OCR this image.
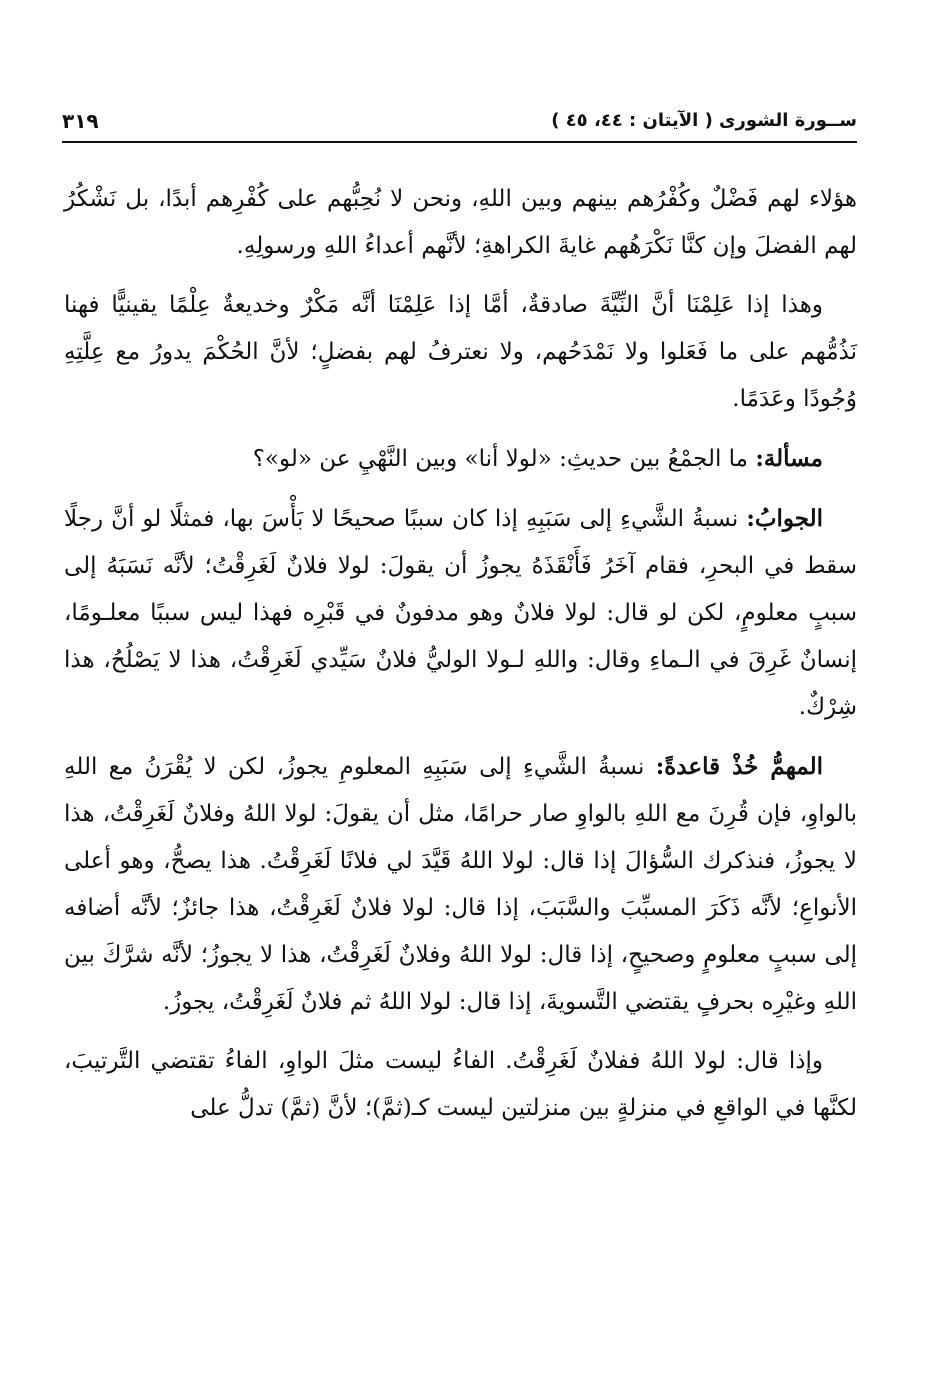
ســورة الشورى ( الآيتان : ٤٤، ٤٥ )
٣١٩

هؤلاء لهم فَضْلٌ وكُفْرُهم بينهم وبين اللهِ، ونحن لا نُحِبُّهم على كُفْرِهم أبدًا، بل نَشْكُرُ لهم الفضلَ وإن كنَّا نَكْرَهُهم غايةَ الكراهةِ؛ لأنَّهم أعداءُ اللهِ ورسولِهِ.

وهذا إذا عَلِمْنَا أنَّ النِّيَّةَ صادقةٌ، أمَّا إذا عَلِمْنَا أنَّه مَكْرٌ وخديعةٌ عِلْمًا يقينيًّا فهنا نَذُمُّهم على ما فَعَلوا ولا نَمْدَحُهم، ولا نعترفُ لهم بفضلٍ؛ لأنَّ الحُكْمَ يدورُ مع عِلَّتِهِ وُجُودًا وعَدَمًا.

مسألة: ما الجمْعُ بين حديثِ: «لولا أنا» وبين النَّهْيِ عن «لو»؟

الجوابُ: نسبةُ الشَّيءِ إلى سَبَبِهِ إذا كان سببًا صحيحًا لا بَأْسَ بها، فمثلًا لو أنَّ رجلًا سقط في البحرِ، فقام آخَرُ فَأَنْقَذَهُ يجوزُ أن يقولَ: لولا فلانٌ لَغَرِقْتُ؛ لأنَّه نَسَبَهُ إلى سببٍ معلومٍ، لكن لو قال: لولا فلانٌ وهو مدفونٌ في قَبْرِه فهذا ليس سببًا معلـومًا، إنسانٌ غَرِقَ في الـماءِ وقال: واللهِ لـولا الوليُّ فلانٌ سَيِّدي لَغَرِقْتُ، هذا لا يَصْلُحُ، هذا شِرْكٌ.

المهمُّ خُذْ قاعدةً: نسبةُ الشَّيءِ إلى سَبَبِهِ المعلومِ يجوزُ، لكن لا يُقْرَنُ مع اللهِ بالواوِ، فإن قُرِنَ مع اللهِ بالواوِ صار حرامًا، مثل أن يقولَ: لولا اللهُ وفلانٌ لَغَرِقْتُ، هذا لا يجوزُ، فنذكرك السُّؤالَ إذا قال: لولا اللهُ قَيَّدَ لي فلانًا لَغَرِقْتُ. هذا يصحُّ، وهو أعلى الأنواعِ؛ لأنَّه ذَكَرَ المسبِّبَ والسَّبَبَ، إذا قال: لولا فلانٌ لَغَرِقْتُ، هذا جائزٌ؛ لأنَّه أضافه إلى سببٍ معلومٍ وصحيحٍ، إذا قال: لولا اللهُ وفلانٌ لَغَرِقْتُ، هذا لا يجوزُ؛ لأنَّه شرَّكَ بين اللهِ وغيْرِه بحرفٍ يقتضي التَّسويةَ، إذا قال: لولا اللهُ ثم فلانٌ لَغَرِقْتُ، يجوزُ.

وإذا قال: لولا اللهُ ففلانٌ لَغَرِقْتُ. الفاءُ ليست مثلَ الواوِ، الفاءُ تقتضي التَّرتيبَ، لكنَّها في الواقعِ في منزلةٍ بين منزلتين ليست كـ(ثمَّ)؛ لأنَّ (ثمَّ) تدلُّ على
